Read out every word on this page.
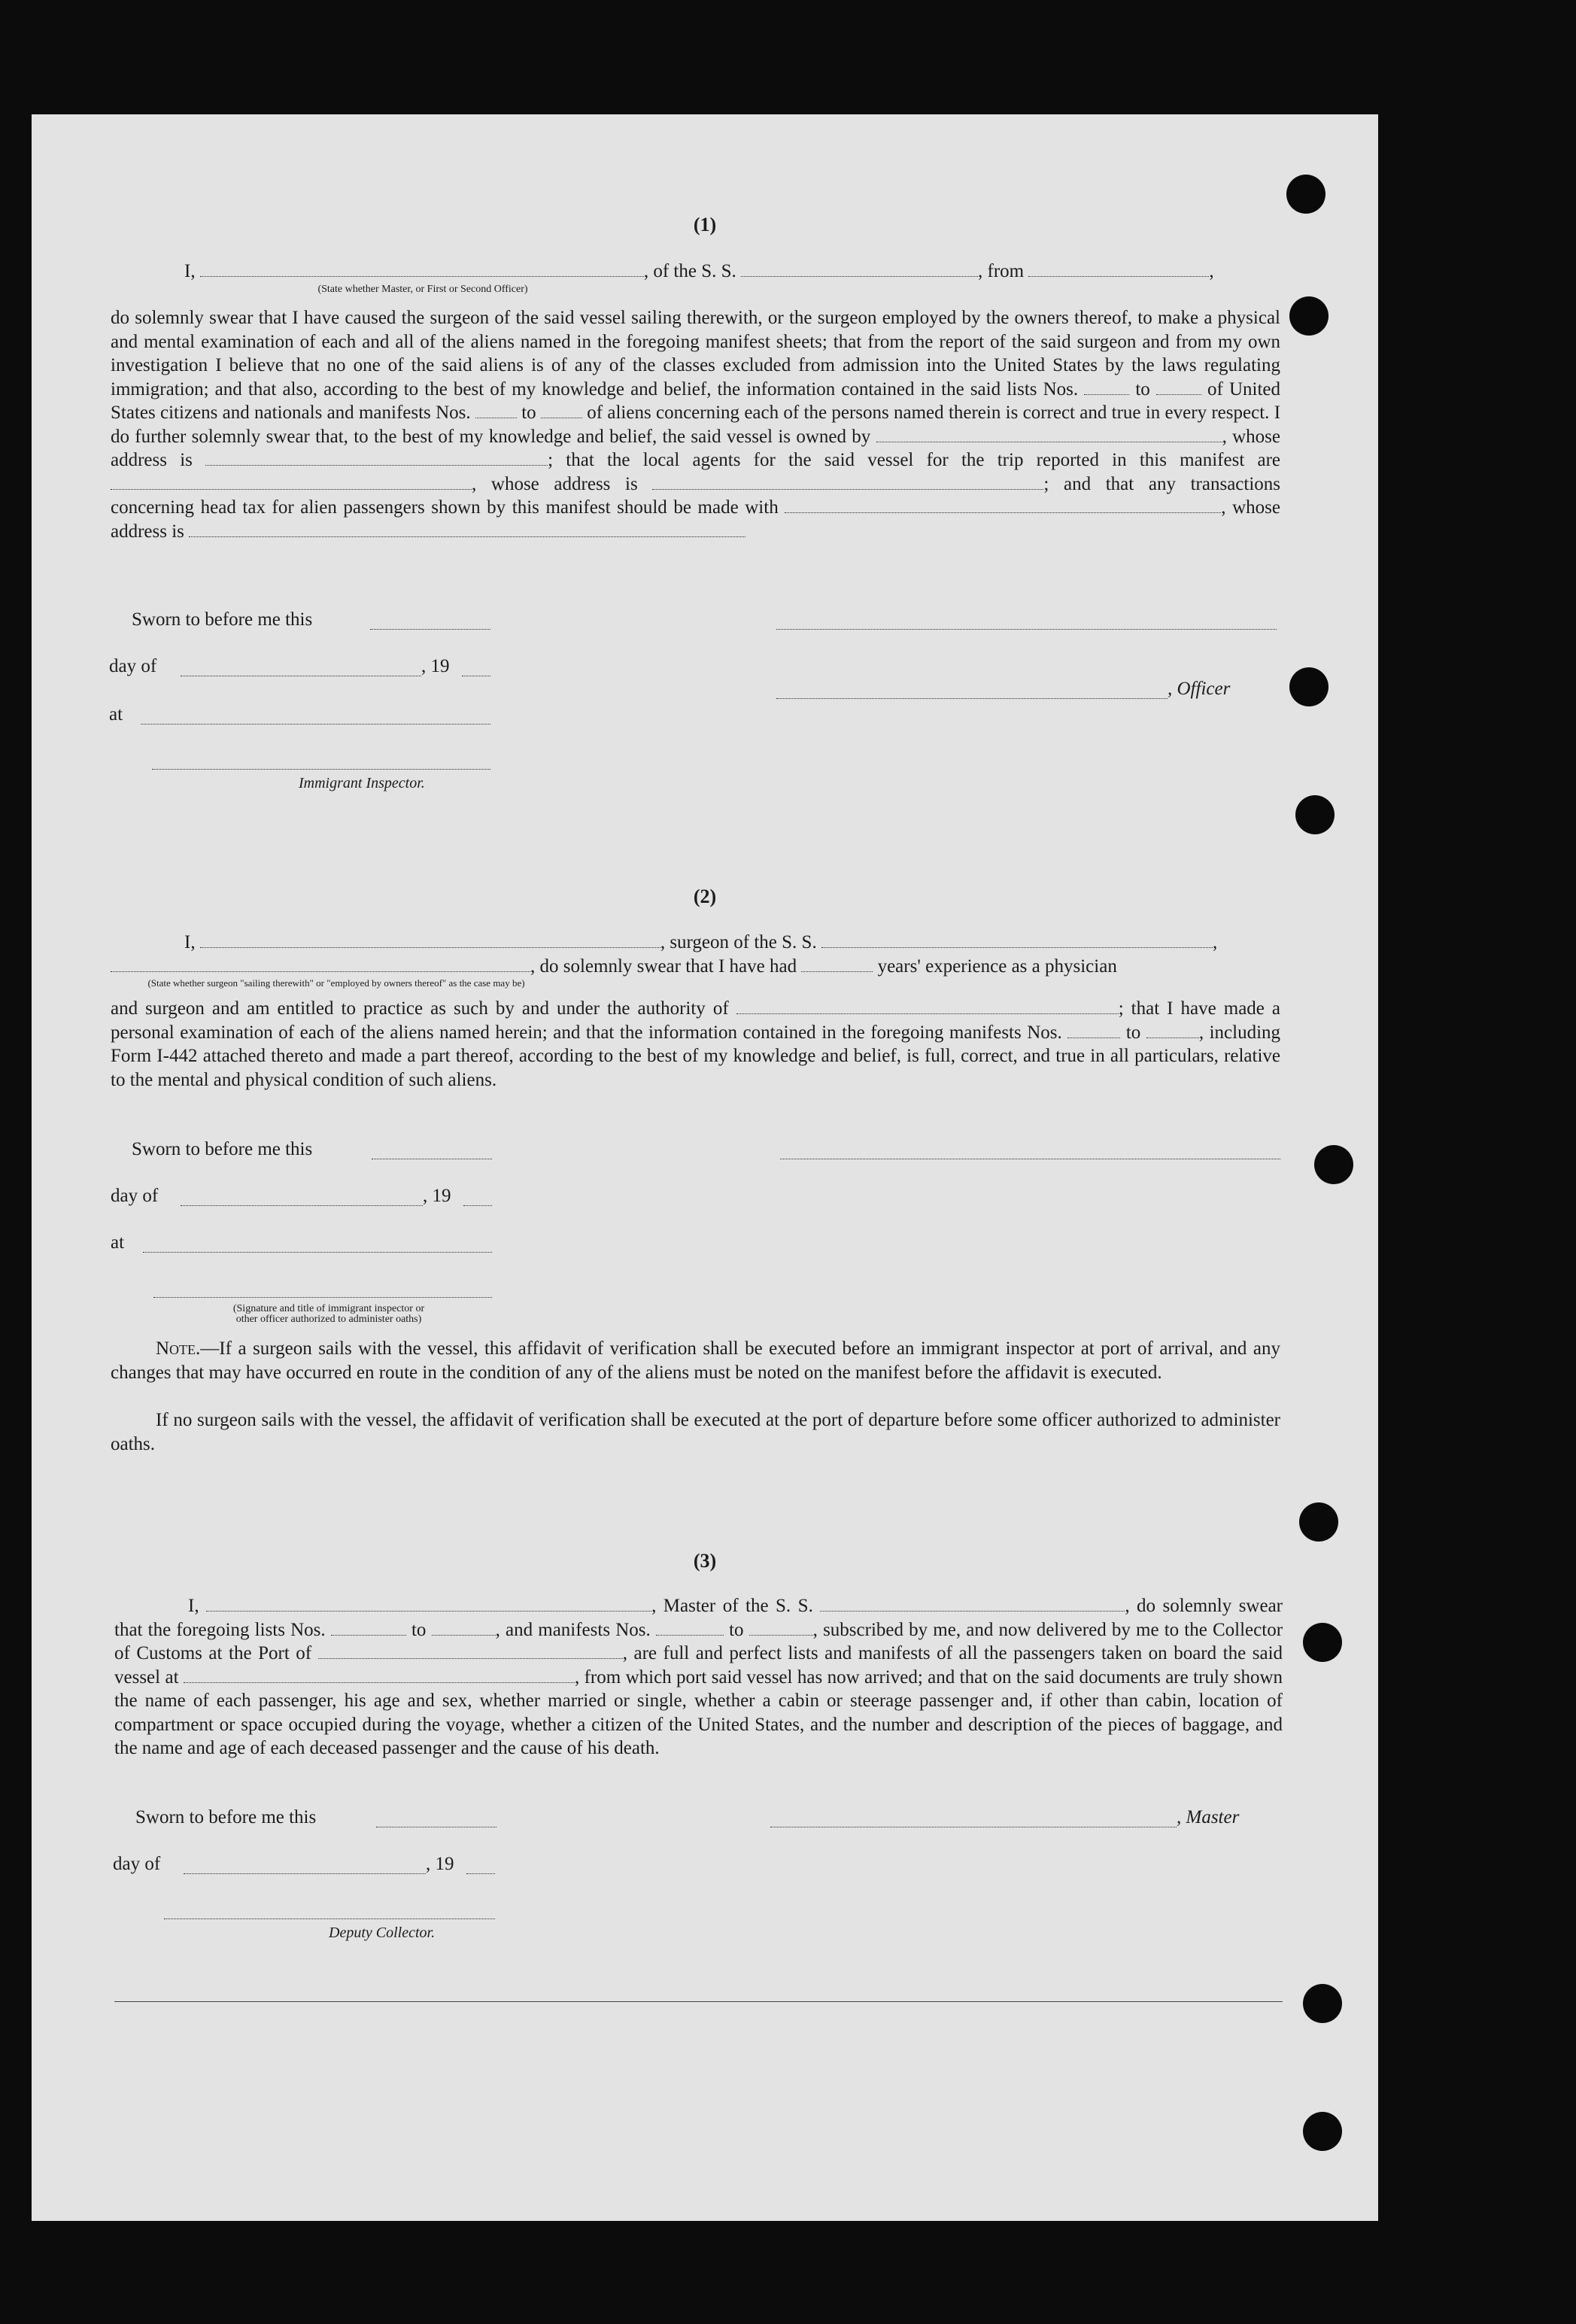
(1)

I,	, of the S. S.	, from	,

(State whether Master, or First or Second Officer)

do solemnly swear that I have caused the surgeon of the said vessel sailing therewith, or the surgeon employed by the owners thereof, to make a physical and mental examination of each and all of the aliens named in the foregoing manifest sheets; that from the report of the said surgeon and from my own investigation I believe that no one of the said aliens is of any of the classes excluded from admission into the United States by the laws regulating immigration; and that also, according to the best of my knowledge and belief, the information contained in the said lists Nos.	to	of United States citizens and nationals and manifests Nos.	to	of aliens concerning each of the persons named therein is correct and true in every respect. I do further solemnly swear that, to the best of my knowledge and belief, the said vessel is owned by	, whose address is	; that the local agents for the said vessel for the trip reported in this manifest are , whose address is	; and that any transactions concerning head tax for alien passengers shown by this manifest should be made with	, whose address is

Sworn to before me this
day of	, 19
, Officer
at
Immigrant Inspector.
(2)

I,	, surgeon of the S. S.	,

, do solemnly swear that I have had	years' experience as a physician

(State whether surgeon "sailing therewith" or "employed by owners thereof" as the case may be)

and surgeon and am entitled to practice as such by and under the authority of	; that I have made a personal examination of each of the aliens named herein; and that the information contained in the foregoing manifests Nos.	to	, including Form I-442 attached thereto and made a part thereof, according to the best of my knowledge and belief, is full, correct, and true in all particulars, relative to the mental and physical condition of such aliens.

Sworn to before me this
day of	, 19
at
(Signature and title of immigrant inspector or
other officer authorized to administer oaths)

Note.—If a surgeon sails with the vessel, this affidavit of verification shall be executed before an immigrant inspector at port of arrival, and any changes that may have occurred en route in the condition of any of the aliens must be noted on the manifest before the affidavit is executed.

If no surgeon sails with the vessel, the affidavit of verification shall be executed at the port of departure before some officer authorized to administer oaths.

(3)

I,	, Master of the S. S.	, do solemnly swear that the foregoing lists Nos.	to	, and manifests Nos.	to	, subscribed by me, and now delivered by me to the Collector of Customs at the Port of	, are full and perfect lists and manifests of all the passengers taken on board the said vessel at	, from which port said vessel has now arrived; and that on the said documents are truly shown the name of each passenger, his age and sex, whether married or single, whether a cabin or steerage passenger and, if other than cabin, location of compartment or space occupied during the voyage, whether a citizen of the United States, and the number and description of the pieces of baggage, and the name and age of each deceased passenger and the cause of his death.

Sworn to before me this	, Master
day of	, 19
Deputy Collector.
